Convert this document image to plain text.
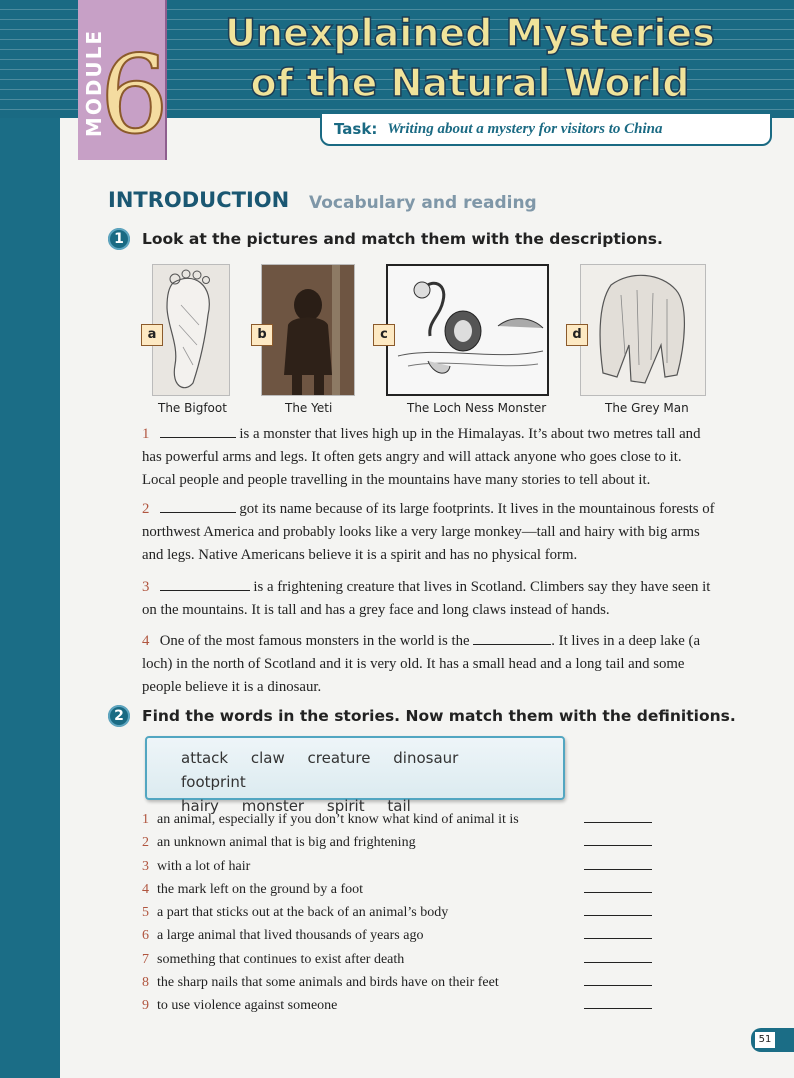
MODULE
6	Unexplained Mysteries
of the Natural World
Task: Writing about a mystery for visitors to China
INTRODUCTION Vocabulary and reading
1	Look at the pictures and match them with the descriptions.
a	b	c	d
The Bigfoot	The Yeti	The Loch Ness Monster	The Grey Man
1	is a monster that lives high up in the Himalayas. It’s about two metres tall and has powerful arms and legs. It often gets angry and will attack anyone who goes close to it. Local people and people travelling in the mountains have many stories to tell about it.
2	got its name because of its large footprints. It lives in the mountainous forests of northwest America and probably looks like a very large monkey—tall and hairy with big arms and legs. Native Americans believe it is a spirit and has no physical form.
3	is a frightening creature that lives in Scotland. Climbers say they have seen it on the mountains. It is tall and has a grey face and long claws instead of hands.
4 One of the most famous monsters in the world is the	. It lives in a deep lake (a loch) in the north of Scotland and it is very old. It has a small head and a long tail and some people believe it is a dinosaur.
2	Find the words in the stories. Now match them with the definitions.
attack claw creature dinosaur footprint
hairy monster spirit tail
1 an animal, especially if you don’t know what kind of animal it is
2 an unknown animal that is big and frightening
3 with a lot of hair
4 the mark left on the ground by a foot
5 a part that sticks out at the back of an animal’s body
6 a large animal that lived thousands of years ago
7 something that continues to exist after death
8 the sharp nails that some animals and birds have on their feet
9 to use violence against someone
51
